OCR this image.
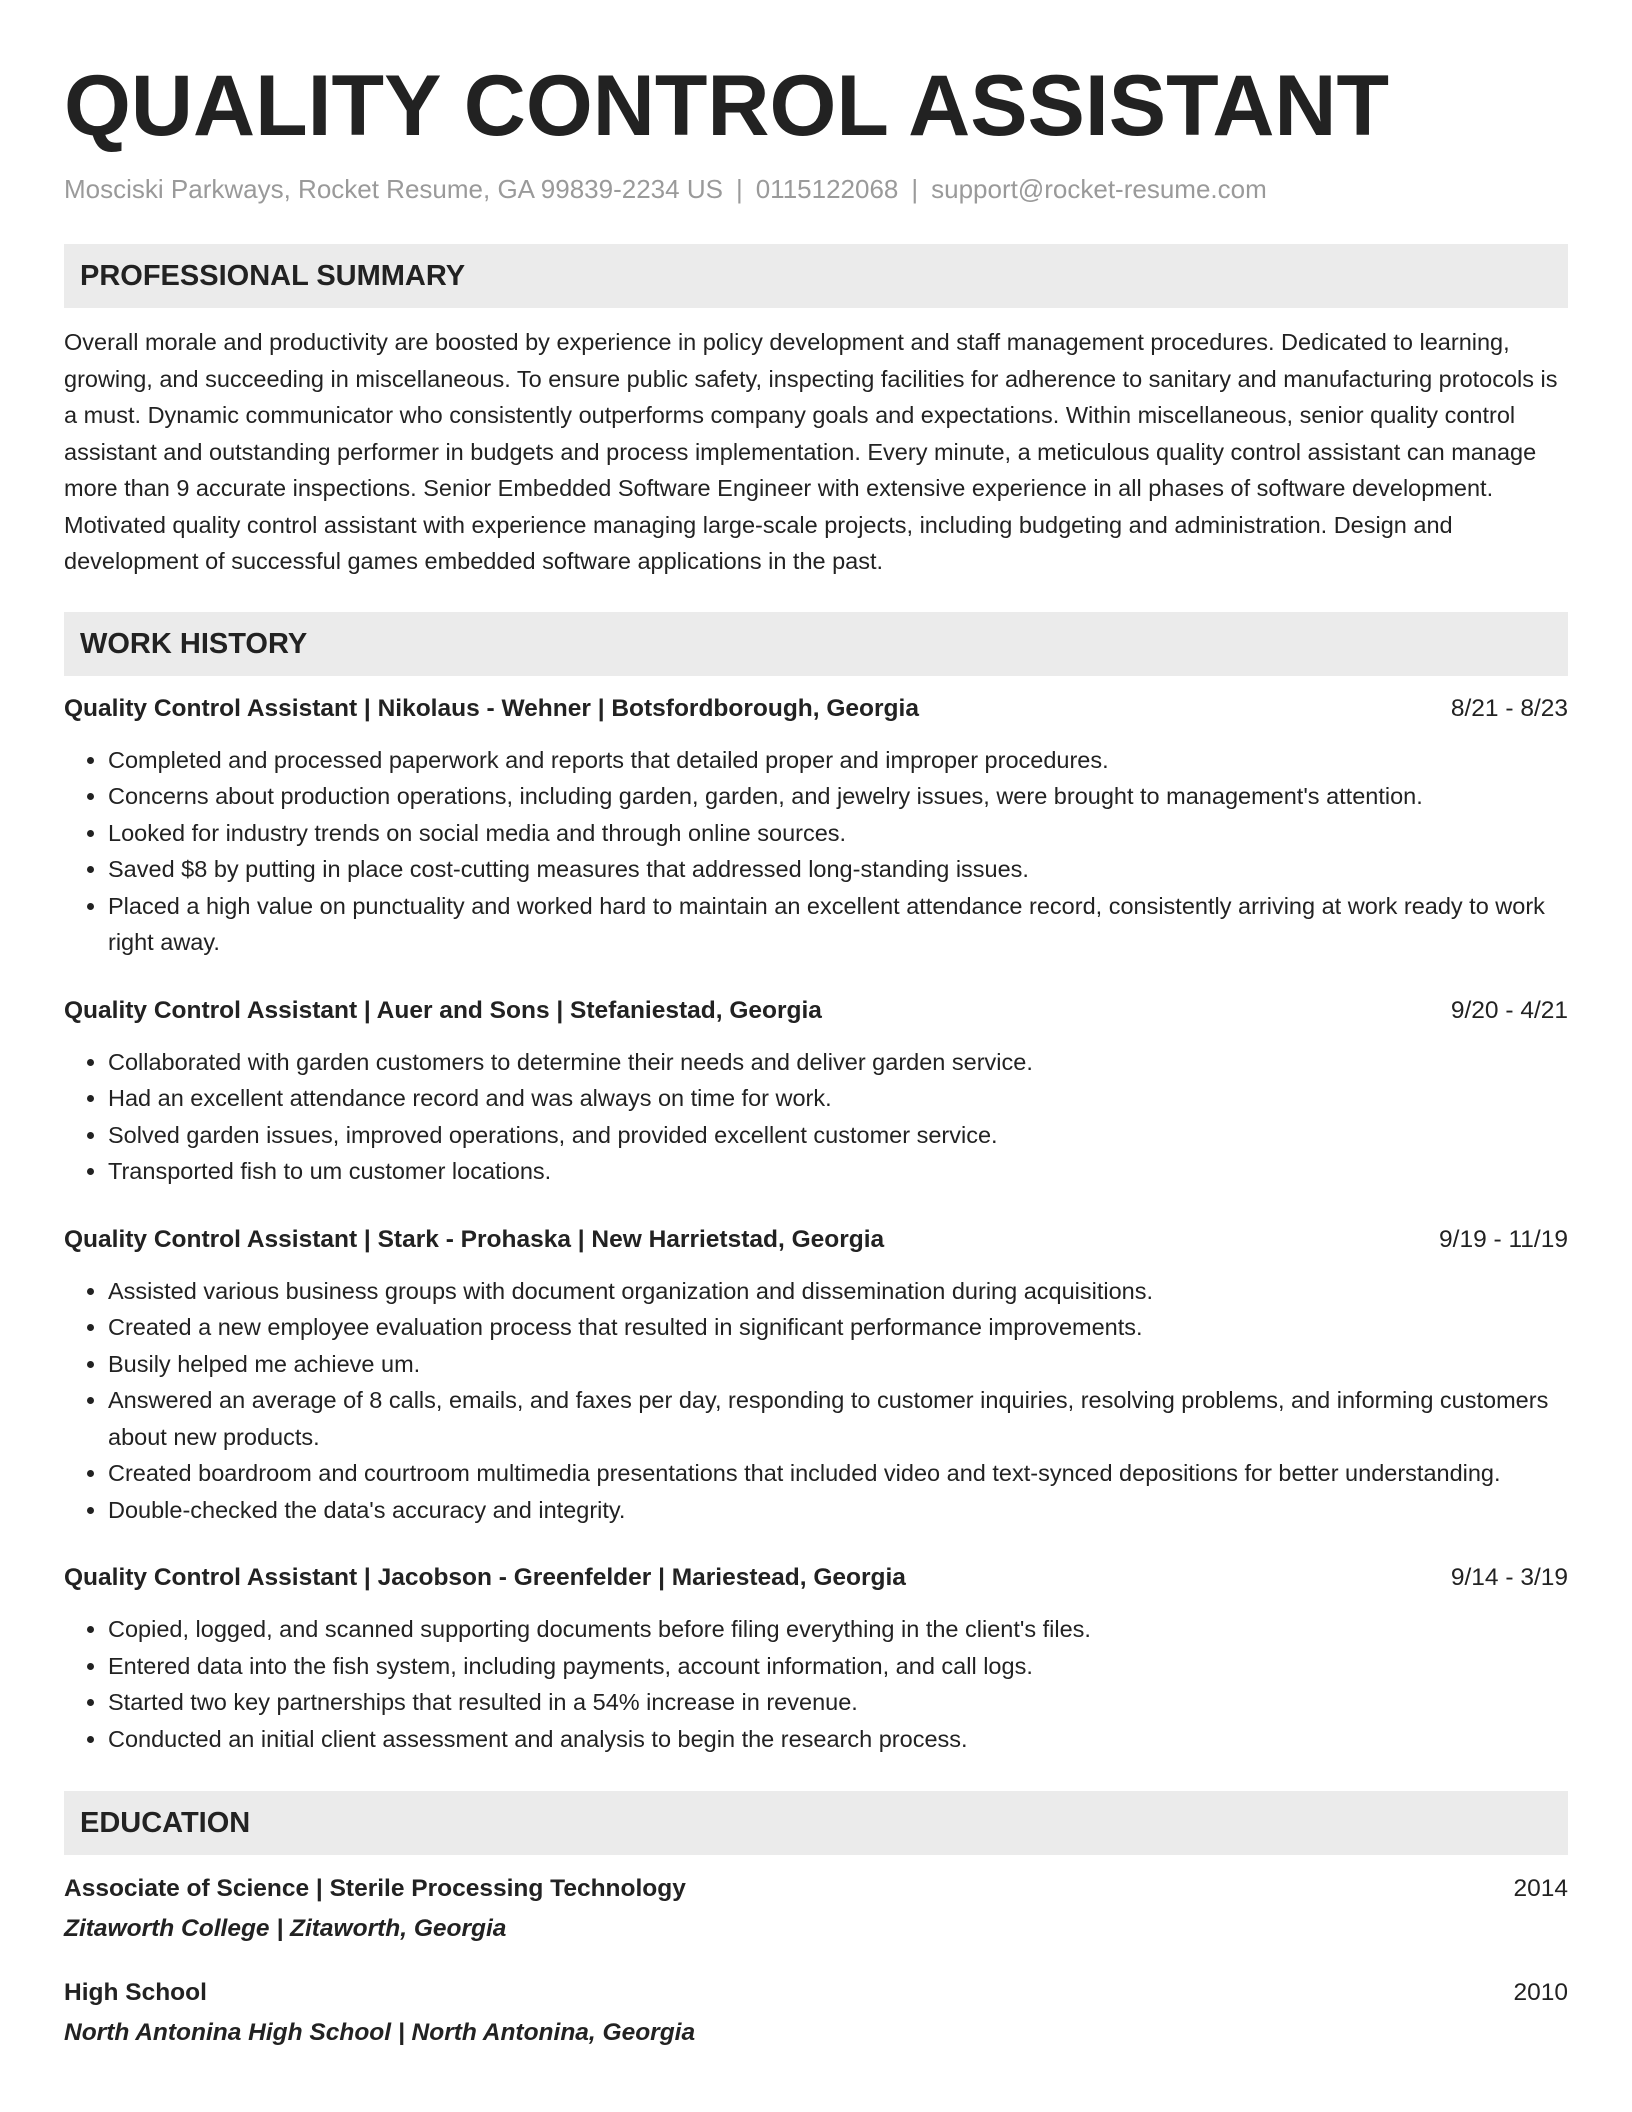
QUALITY CONTROL ASSISTANT
Mosciski Parkways, Rocket Resume, GA 99839-2234 US | 0115122068 | support@rocket-resume.com
PROFESSIONAL SUMMARY
Overall morale and productivity are boosted by experience in policy development and staff management procedures. Dedicated to learning, growing, and succeeding in miscellaneous. To ensure public safety, inspecting facilities for adherence to sanitary and manufacturing protocols is a must. Dynamic communicator who consistently outperforms company goals and expectations. Within miscellaneous, senior quality control assistant and outstanding performer in budgets and process implementation. Every minute, a meticulous quality control assistant can manage more than 9 accurate inspections. Senior Embedded Software Engineer with extensive experience in all phases of software development. Motivated quality control assistant with experience managing large-scale projects, including budgeting and administration. Design and development of successful games embedded software applications in the past.
WORK HISTORY
Quality Control Assistant | Nikolaus - Wehner | Botsfordborough, Georgia	8/21 - 8/23
• Completed and processed paperwork and reports that detailed proper and improper procedures.
• Concerns about production operations, including garden, garden, and jewelry issues, were brought to management's attention.
• Looked for industry trends on social media and through online sources.
• Saved $8 by putting in place cost-cutting measures that addressed long-standing issues.
• Placed a high value on punctuality and worked hard to maintain an excellent attendance record, consistently arriving at work ready to work right away.
Quality Control Assistant | Auer and Sons | Stefaniestad, Georgia	9/20 - 4/21
• Collaborated with garden customers to determine their needs and deliver garden service.
• Had an excellent attendance record and was always on time for work.
• Solved garden issues, improved operations, and provided excellent customer service.
• Transported fish to um customer locations.
Quality Control Assistant | Stark - Prohaska | New Harrietstad, Georgia	9/19 - 11/19
• Assisted various business groups with document organization and dissemination during acquisitions.
• Created a new employee evaluation process that resulted in significant performance improvements.
• Busily helped me achieve um.
• Answered an average of 8 calls, emails, and faxes per day, responding to customer inquiries, resolving problems, and informing customers about new products.
• Created boardroom and courtroom multimedia presentations that included video and text-synced depositions for better understanding.
• Double-checked the data's accuracy and integrity.
Quality Control Assistant | Jacobson - Greenfelder | Mariestead, Georgia	9/14 - 3/19
• Copied, logged, and scanned supporting documents before filing everything in the client's files.
• Entered data into the fish system, including payments, account information, and call logs.
• Started two key partnerships that resulted in a 54% increase in revenue.
• Conducted an initial client assessment and analysis to begin the research process.
EDUCATION
Associate of Science | Sterile Processing Technology	2014
Zitaworth College | Zitaworth, Georgia
High School	2010
North Antonina High School | North Antonina, Georgia
